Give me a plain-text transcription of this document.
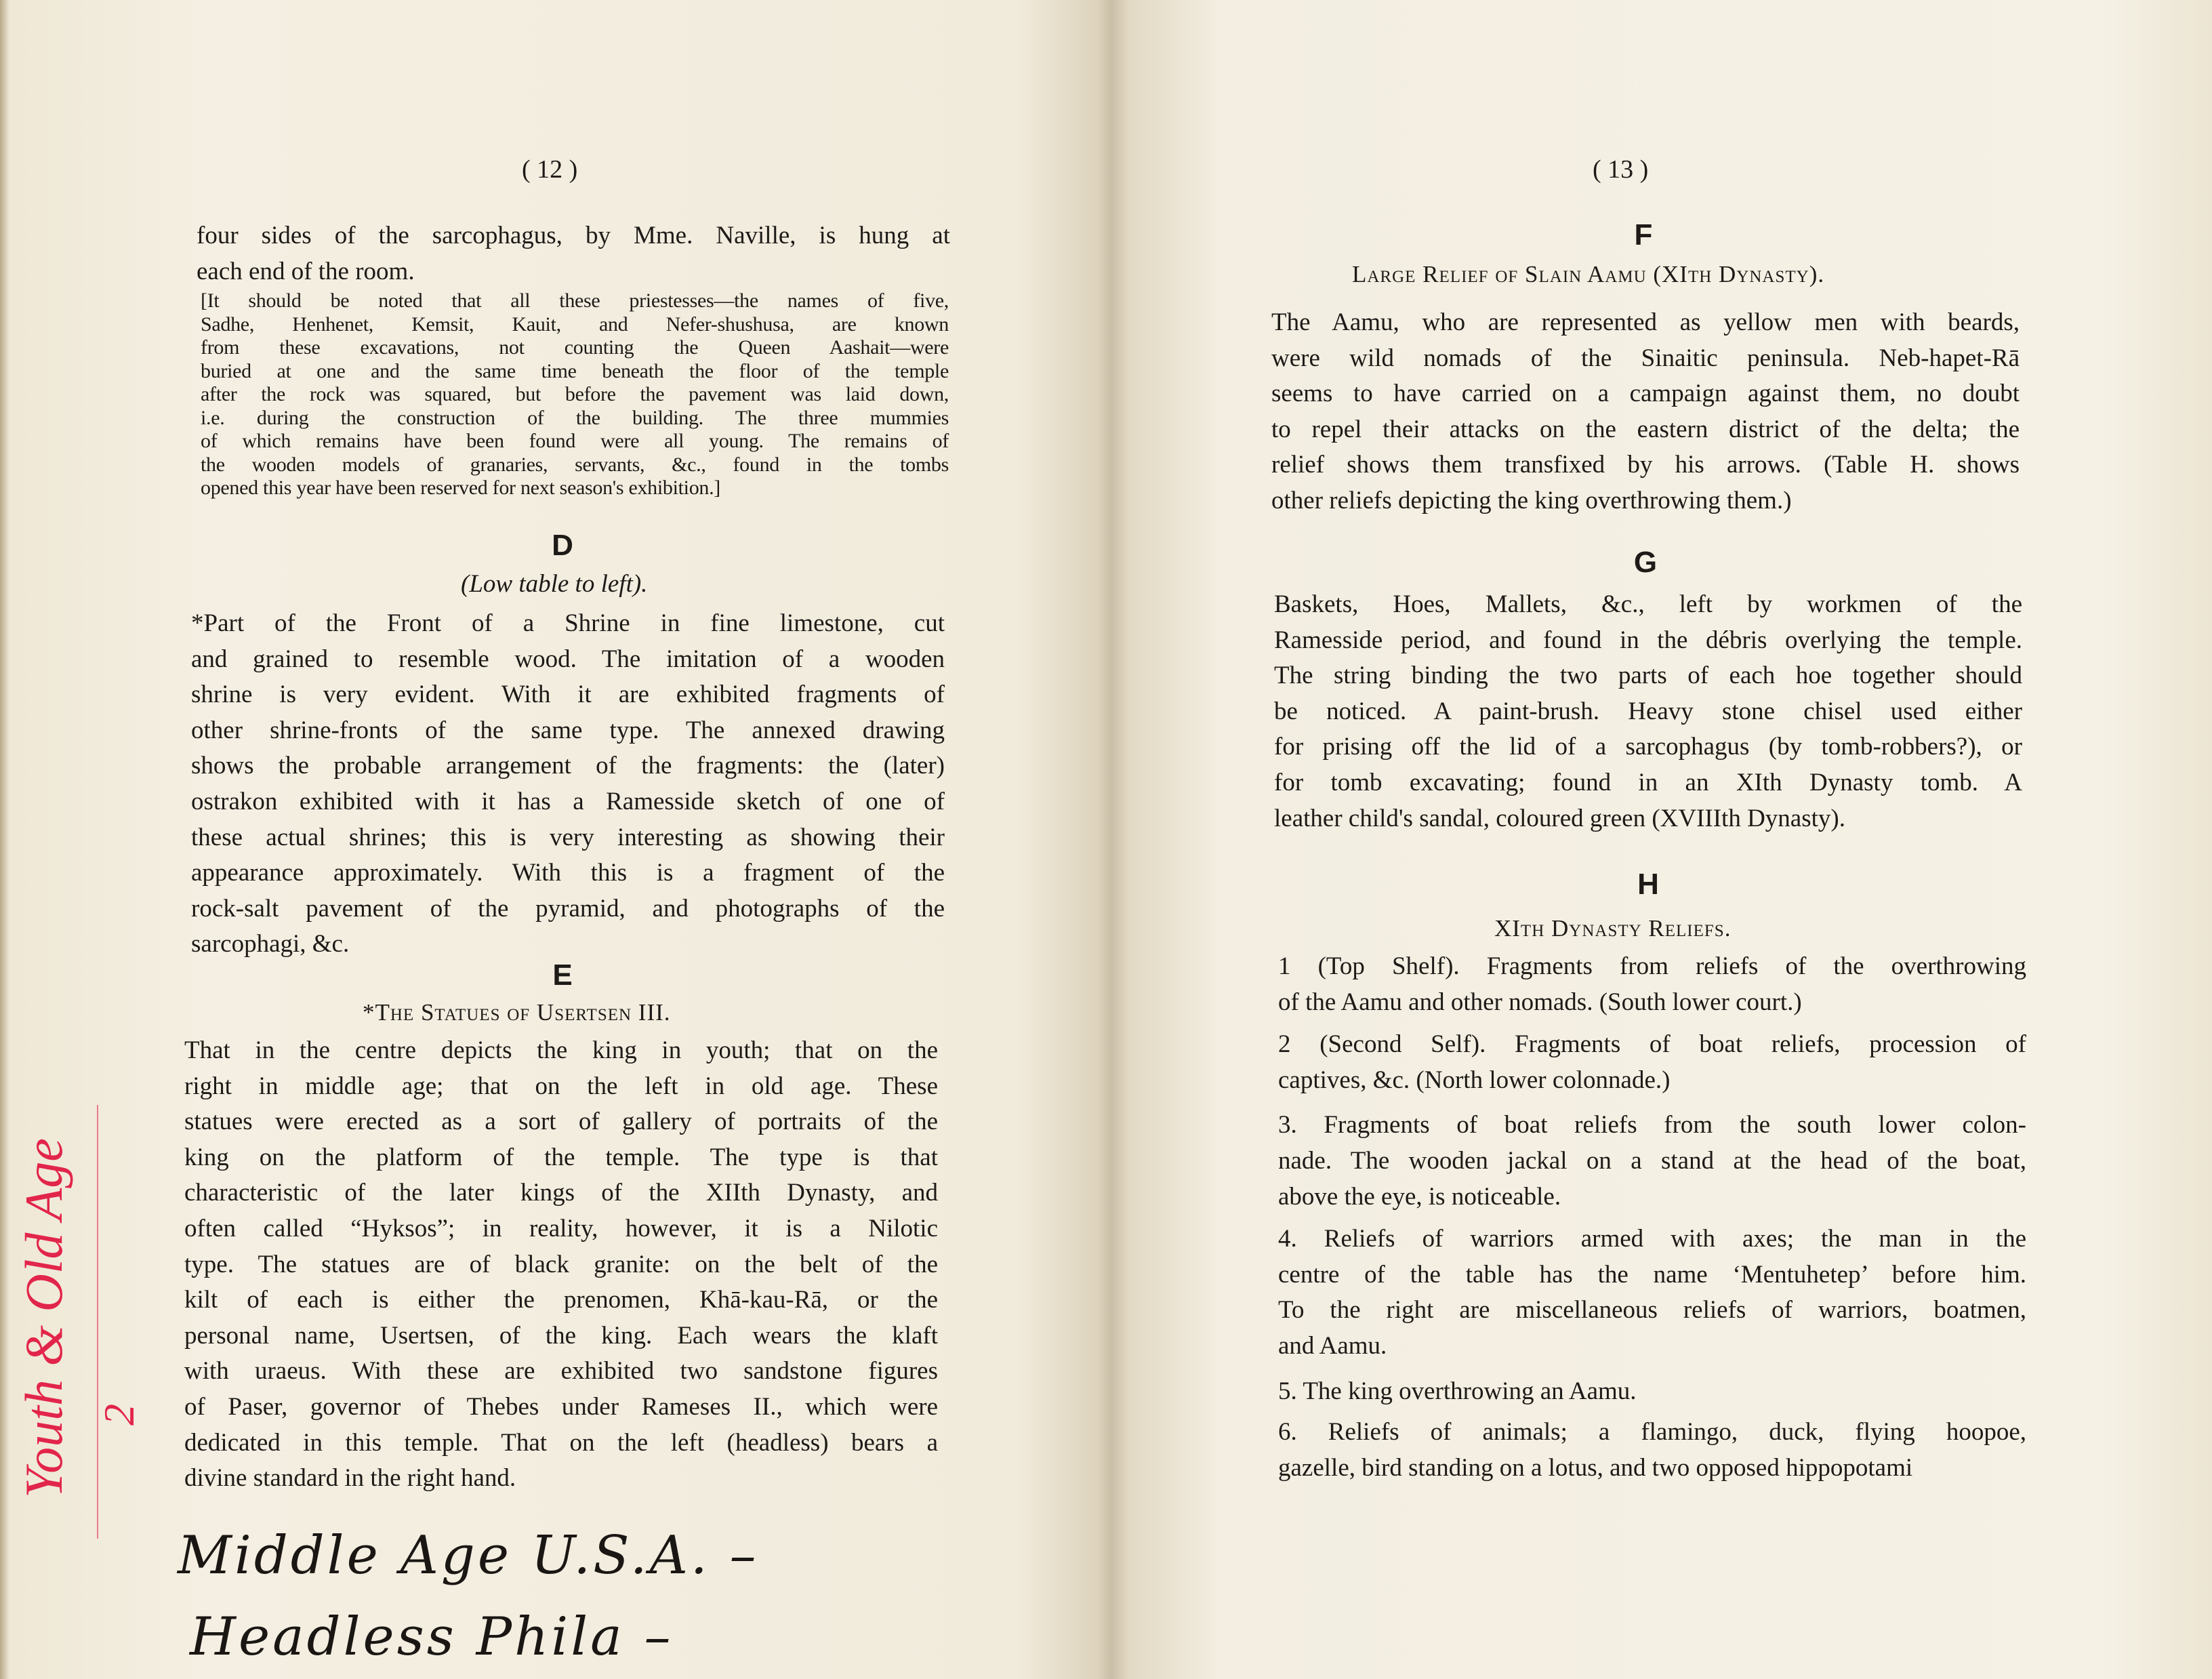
( 12 )
four sides of the sarcophagus, by Mme. Naville, is hung at
each end of the room.
[It should be noted that all these priestesses—the names of five,
Sadhe, Henhenet, Kemsit, Kauit, and Nefer-shushusa, are known
from these excavations, not counting the Queen Aashait—were
buried at one and the same time beneath the floor of the temple
after the rock was squared, but before the pavement was laid down,
i.e. during the construction of the building. The three mummies
of which remains have been found were all young. The remains of
the wooden models of granaries, servants, &c., found in the tombs
opened this year have been reserved for next season's exhibition.]
D
(Low table to left).
*Part of the Front of a Shrine in fine limestone, cut
and grained to resemble wood. The imitation of a wooden
shrine is very evident. With it are exhibited fragments of
other shrine-fronts of the same type. The annexed drawing
shows the probable arrangement of the fragments: the (later)
ostrakon exhibited with it has a Ramesside sketch of one of
these actual shrines; this is very interesting as showing their
appearance approximately. With this is a fragment of the
rock-salt pavement of the pyramid, and photographs of the
sarcophagi, &c.
E
*The Statues of Usertsen III.
That in the centre depicts the king in youth; that on the
right in middle age; that on the left in old age. These
statues were erected as a sort of gallery of portraits of the
king on the platform of the temple. The type is that
characteristic of the later kings of the XIIth Dynasty, and
often called “Hyksos”; in reality, however, it is a Nilotic
type. The statues are of black granite: on the belt of the
kilt of each is either the prenomen, Khā-kau-Rā, or the
personal name, Usertsen, of the king. Each wears the klaft
with uraeus. With these are exhibited two sandstone figures
of Paser, governor of Thebes under Rameses II., which were
dedicated in this temple. That on the left (headless) bears a
divine standard in the right hand.
Middle Age U.S.A. –
Headless Phila –
Youth & Old Age 2
( 13 )
F
Large Relief of Slain Aamu (XIth Dynasty).
The Aamu, who are represented as yellow men with beards,
were wild nomads of the Sinaitic peninsula. Neb-hapet-Rā
seems to have carried on a campaign against them, no doubt
to repel their attacks on the eastern district of the delta; the
relief shows them transfixed by his arrows. (Table H. shows
other reliefs depicting the king overthrowing them.)
G
Baskets, Hoes, Mallets, &c., left by workmen of the
Ramesside period, and found in the débris overlying the temple.
The string binding the two parts of each hoe together should
be noticed. A paint-brush. Heavy stone chisel used either
for prising off the lid of a sarcophagus (by tomb-robbers?), or
for tomb excavating; found in an XIth Dynasty tomb. A
leather child's sandal, coloured green (XVIIIth Dynasty).
H
XIth Dynasty Reliefs.
1 (Top Shelf). Fragments from reliefs of the overthrowing
of the Aamu and other nomads. (South lower court.)
2 (Second Self). Fragments of boat reliefs, procession of
captives, &c. (North lower colonnade.)
3. Fragments of boat reliefs from the south lower colon-
nade. The wooden jackal on a stand at the head of the boat,
above the eye, is noticeable.
4. Reliefs of warriors armed with axes; the man in the
centre of the table has the name ‘Mentuhetep’ before him.
To the right are miscellaneous reliefs of warriors, boatmen,
and Aamu.
5. The king overthrowing an Aamu.
6. Reliefs of animals; a flamingo, duck, flying hoopoe,
gazelle, bird standing on a lotus, and two opposed hippopotami
